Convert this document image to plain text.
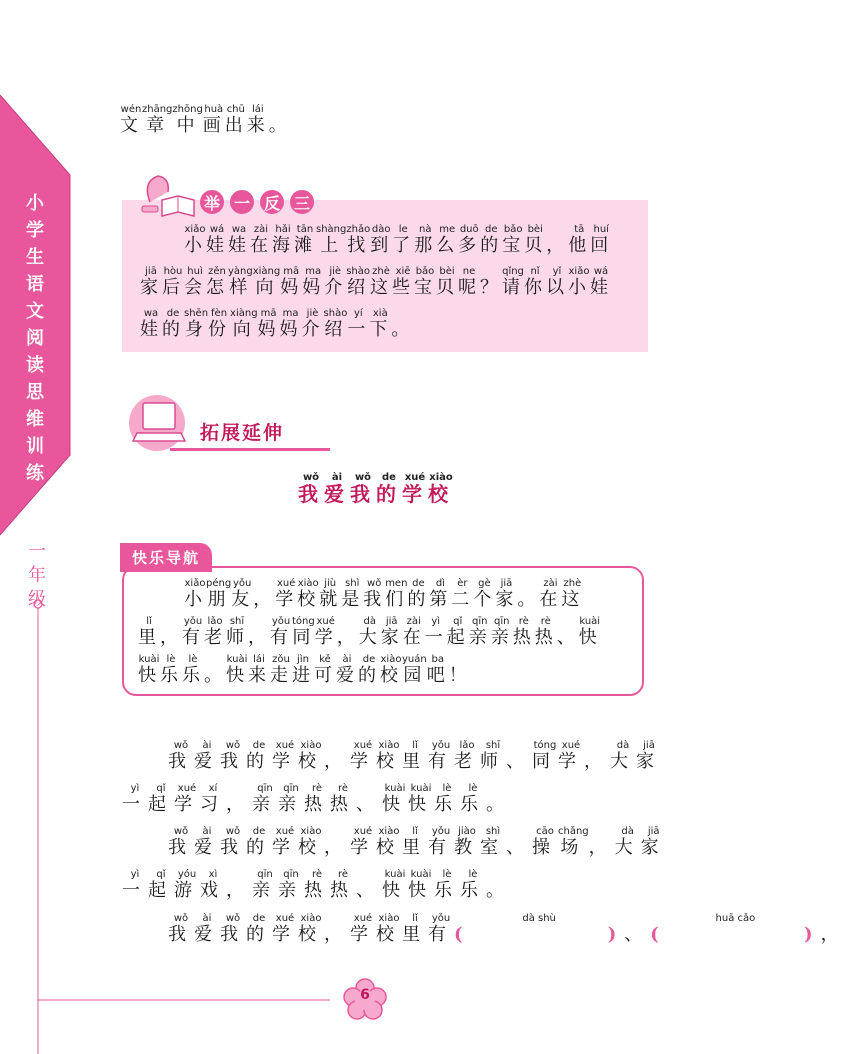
小学生语文阅读思维训练
一年级
文wén章zhāng中zhōng画huà出chū来lái。
举 一 反 三
小xiǎo娃wá娃wa在zài海hǎi滩tān上shàng找zhǎo到dào了le那nà么me多duō的de宝bǎo贝bèi，他tā回huí
家jiā后hòu会huì怎zěn样yàng向xiàng妈mā妈ma介jiè绍shào这zhè些xiē宝bǎo贝bèi呢ne？请qǐng你nǐ以yǐ小xiǎo娃wá
娃wa的de身shēn份fèn向xiàng妈mā妈ma介jiè绍shào一yí下xià。
拓展延伸
我wǒ爱ài我wǒ的de学xué校xiào
快乐导航
小xiǎo朋péng友yǒu，学xué校xiào就jiù是shì我wǒ们men的de第dì二èr个gè家jiā。在zài这zhè
里lǐ，有yǒu老lǎo师shī，有yǒu同tóng学xué，大dà家jiā在zài一yì起qǐ亲qīn亲qīn热rè热rè、快kuài
快kuài乐lè乐lè。快kuài来lái走zǒu进jìn可kě爱ài的de校xiào园yuán吧ba！
我wǒ爱ài我wǒ的de学xué校xiào，学xué校xiào里lǐ有yǒu老lǎo师shī、同tóng学xué，大dà家jiā
一yì起qǐ学xué习xí，亲qīn亲qīn热rè热rè、快kuài快kuài乐lè乐lè。
我wǒ爱ài我wǒ的de学xué校xiào，学xué校xiào里lǐ有yǒu教jiào室shì、操cāo场chǎng，大dà家jiā
一yì起qǐ游yóu戏xì，亲qīn亲qīn热rè热rè、快kuài快kuài乐lè乐lè。
我wǒ爱ài我wǒ的de学xué校xiào，学xué校xiào里lǐ有yǒu(          dà shù)、(          huā cǎo)，
6
